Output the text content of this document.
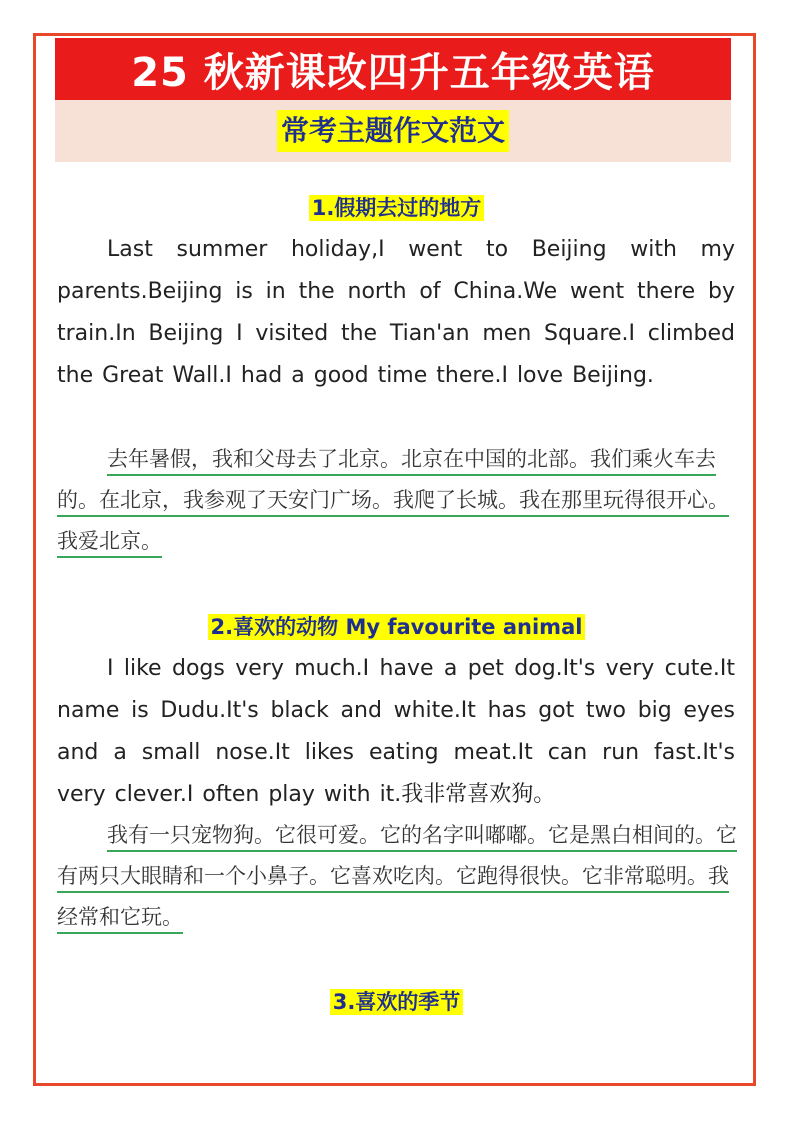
25 秋新课改四升五年级英语
常考主题作文范文
1.假期去过的地方
Last summer holiday,I went to Beijing with my parents.Beijing is in the north of China.We went there by train.In Beijing I visited the Tian'an men Square.I climbed the Great Wall.I had a good time there.I love Beijing.
去年暑假，我和父母去了北京。北京在中国的北部。我们乘火车去的。在北京，我参观了天安门广场。我爬了长城。我在那里玩得很开心。我爱北京。
2.喜欢的动物 My favourite animal
I like dogs very much.I have a pet dog.It's very cute.It name is Dudu.It's black and white.It has got two big eyes and a small nose.It likes eating meat.It can run fast.It's very clever.I often play with it.我非常喜欢狗。
我有一只宠物狗。它很可爱。它的名字叫嘟嘟。它是黑白相间的。它有两只大眼睛和一个小鼻子。它喜欢吃肉。它跑得很快。它非常聪明。我经常和它玩。
3.喜欢的季节
